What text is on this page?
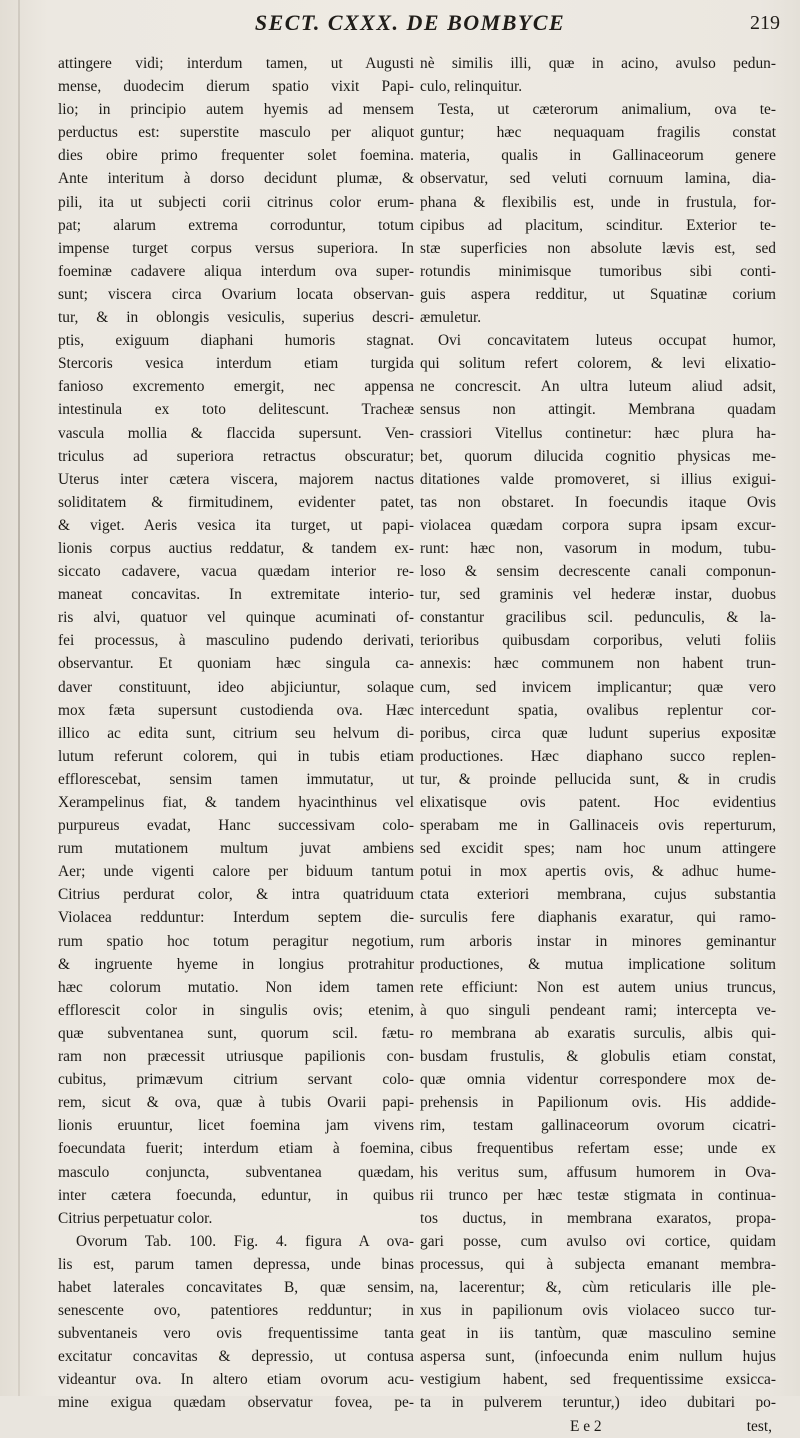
SECT. CXXX. DE BOMBYCE	219
attingere vidi; interdum tamen, ut Augusti
mense, duodecim dierum spatio vixit Papi-
lio; in principio autem hyemis ad mensem
perductus est: superstite masculo per aliquot
dies obire primo frequenter solet foemina.
Ante interitum à dorso decidunt plumæ, &
pili, ita ut subjecti corii citrinus color erum-
pat; alarum extrema corroduntur, totum
impense turget corpus versus superiora. In
foeminæ cadavere aliqua interdum ova super-
sunt; viscera circa Ovarium locata observan-
tur, & in oblongis vesiculis, superius descri-
ptis, exiguum diaphani humoris stagnat.
Stercoris vesica interdum etiam turgida
fanioso excremento emergit, nec appensa
intestinula ex toto delitescunt. Tracheæ
vascula mollia & flaccida supersunt. Ven-
triculus ad superiora retractus obscuratur;
Uterus inter cætera viscera, majorem nactus
soliditatem & firmitudinem, evidenter patet,
& viget. Aeris vesica ita turget, ut papi-
lionis corpus auctius reddatur, & tandem ex-
siccato cadavere, vacua quædam interior re-
maneat concavitas. In extremitate interio-
ris alvi, quatuor vel quinque acuminati of-
fei processus, à masculino pudendo derivati,
observantur. Et quoniam hæc singula ca-
daver constituunt, ideo abjiciuntur, solaque
mox fæta supersunt custodienda ova. Hæc
illico ac edita sunt, citrium seu helvum di-
lutum referunt colorem, qui in tubis etiam
efflorescebat, sensim tamen immutatur, ut
Xerampelinus fiat, & tandem hyacinthinus vel
purpureus evadat, Hanc successivam colo-
rum mutationem multum juvat ambiens
Aer; unde vigenti calore per biduum tantum
Citrius perdurat color, & intra quatriduum
Violacea redduntur: Interdum septem die-
rum spatio hoc totum peragitur negotium,
& ingruente hyeme in longius protrahitur
hæc colorum mutatio. Non idem tamen
efflorescit color in singulis ovis; etenim,
quæ subventanea sunt, quorum scil. fætu-
ram non præcessit utriusque papilionis con-
cubitus, primævum citrium servant colo-
rem, sicut & ova, quæ à tubis Ovarii papi-
lionis eruuntur, licet foemina jam vivens
foecundata fuerit; interdum etiam à foemina,
masculo conjuncta, subventanea quædam,
inter cætera foecunda, eduntur, in quibus
Citrius perpetuatur color.
Ovorum Tab. 100. Fig. 4. figura A ova-
lis est, parum tamen depressa, unde binas
habet laterales concavitates B, quæ sensim,
senescente ovo, patentiores redduntur; in
subventaneis vero ovis frequentissime tanta
excitatur concavitas & depressio, ut contusa
videantur ova. In altero etiam ovorum acu-
mine exigua quædam observatur fovea, pe-
nè similis illi, quæ in acino, avulso pedun-
culo, relinquitur.
Testa, ut cæterorum animalium, ova te-
guntur; hæc nequaquam fragilis constat
materia, qualis in Gallinaceorum genere
observatur, sed veluti cornuum lamina, dia-
phana & flexibilis est, unde in frustula, for-
cipibus ad placitum, scinditur. Exterior te-
stæ superficies non absolute lævis est, sed
rotundis minimisque tumoribus sibi conti-
guis aspera redditur, ut Squatinæ corium
æmuletur.
Ovi concavitatem luteus occupat humor,
qui solitum refert colorem, & levi elixatio-
ne concrescit. An ultra luteum aliud adsit,
sensus non attingit. Membrana quadam
crassiori Vitellus continetur: hæc plura ha-
bet, quorum dilucida cognitio physicas me-
ditationes valde promoveret, si illius exigui-
tas non obstaret. In foecundis itaque Ovis
violacea quædam corpora supra ipsam excur-
runt: hæc non, vasorum in modum, tubu-
loso & sensim decrescente canali componun-
tur, sed graminis vel hederæ instar, duobus
constantur gracilibus scil. pedunculis, & la-
terioribus quibusdam corporibus, veluti foliis
annexis: hæc communem non habent trun-
cum, sed invicem implicantur; quæ vero
intercedunt spatia, ovalibus replentur cor-
poribus, circa quæ ludunt superius expositæ
productiones. Hæc diaphano succo replen-
tur, & proinde pellucida sunt, & in crudis
elixatisque ovis patent. Hoc evidentius
sperabam me in Gallinaceis ovis reperturum,
sed excidit spes; nam hoc unum attingere
potui in mox apertis ovis, & adhuc hume-
ctata exteriori membrana, cujus substantia
surculis fere diaphanis exaratur, qui ramo-
rum arboris instar in minores geminantur
productiones, & mutua implicatione solitum
rete efficiunt: Non est autem unius truncus,
à quo singuli pendeant rami; intercepta ve-
ro membrana ab exaratis surculis, albis qui-
busdam frustulis, & globulis etiam constat,
quæ omnia videntur correspondere mox de-
prehensis in Papilionum ovis. His addide-
rim, testam gallinaceorum ovorum cicatri-
cibus frequentibus refertam esse; unde ex
his veritus sum, affusum humorem in Ova-
rii trunco per hæc testæ stigmata in continua-
tos ductus, in membrana exaratos, propa-
gari posse, cum avulso ovi cortice, quidam
processus, qui à subjecta emanant membra-
na, lacerentur; &, cùm reticularis ille ple-
xus in papilionum ovis violaceo succo tur-
geat in iis tantùm, quæ masculino semine
aspersa sunt, (infoecunda enim nullum hujus
vestigium habent, sed frequentissime exsicca-
ta in pulverem teruntur,) ideo dubitari po-
E e 2	test,
